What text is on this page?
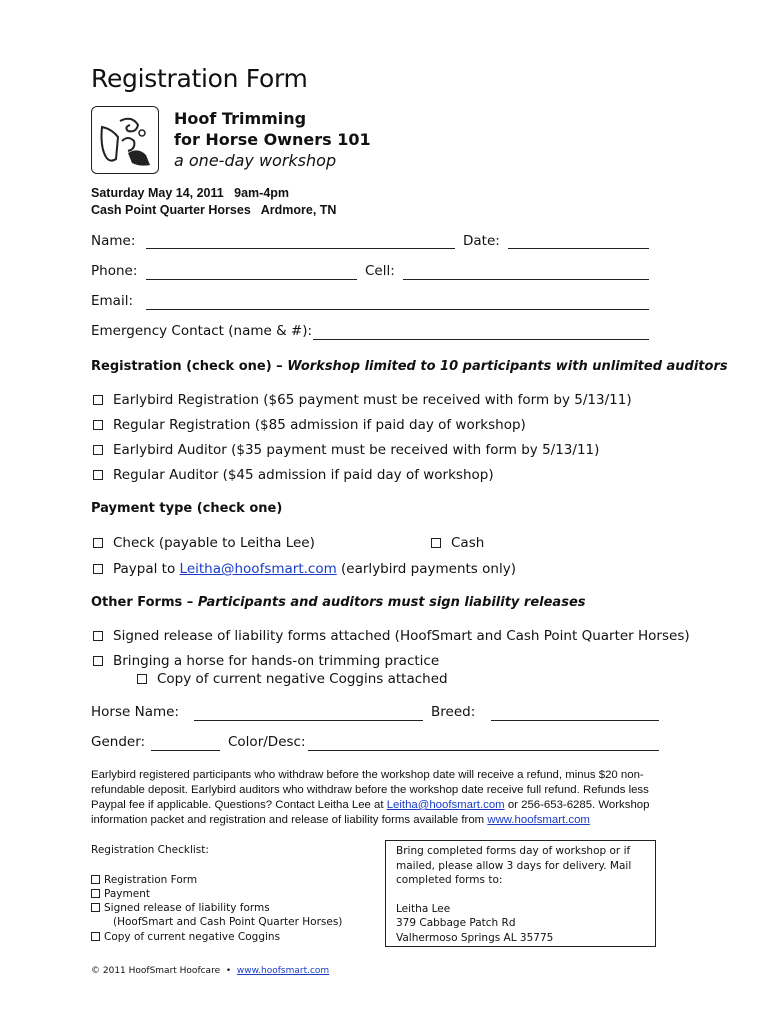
Registration Form
Hoof Trimming
for Horse Owners 101
a one-day workshop
Saturday May 14, 2011   9am-4pm
Cash Point Quarter Horses   Ardmore, TN
Name:	Date:
Phone:	Cell:
Email:
Emergency Contact (name & #):
Registration (check one) – Workshop limited to 10 participants with unlimited auditors
Earlybird Registration ($65 payment must be received with form by 5/13/11)
Regular Registration ($85 admission if paid day of workshop)
Earlybird Auditor ($35 payment must be received with form by 5/13/11)
Regular Auditor ($45 admission if paid day of workshop)
Payment type (check one)
Check (payable to Leitha Lee)	Cash
Paypal to Leitha@hoofsmart.com (earlybird payments only)
Other Forms – Participants and auditors must sign liability releases
Signed release of liability forms attached (HoofSmart and Cash Point Quarter Horses)
Bringing a horse for hands-on trimming practice
Copy of current negative Coggins attached
Horse Name:	Breed:
Gender:	Color/Desc:
Earlybird registered participants who withdraw before the workshop date will receive a refund, minus $20 non-refundable deposit. Earlybird auditors who withdraw before the workshop date receive full refund. Refunds less Paypal fee if applicable. Questions? Contact Leitha Lee at Leitha@hoofsmart.com or 256-653-6285. Workshop information packet and registration and release of liability forms available from www.hoofsmart.com
Registration Checklist:
Registration Form
Payment
Signed release of liability forms
(HoofSmart and Cash Point Quarter Horses)
Copy of current negative Coggins
Bring completed forms day of workshop or if
mailed, please allow 3 days for delivery. Mail
completed forms to:
Leitha Lee
379 Cabbage Patch Rd
Valhermoso Springs AL 35775
© 2011 HoofSmart Hoofcare • www.hoofsmart.com
